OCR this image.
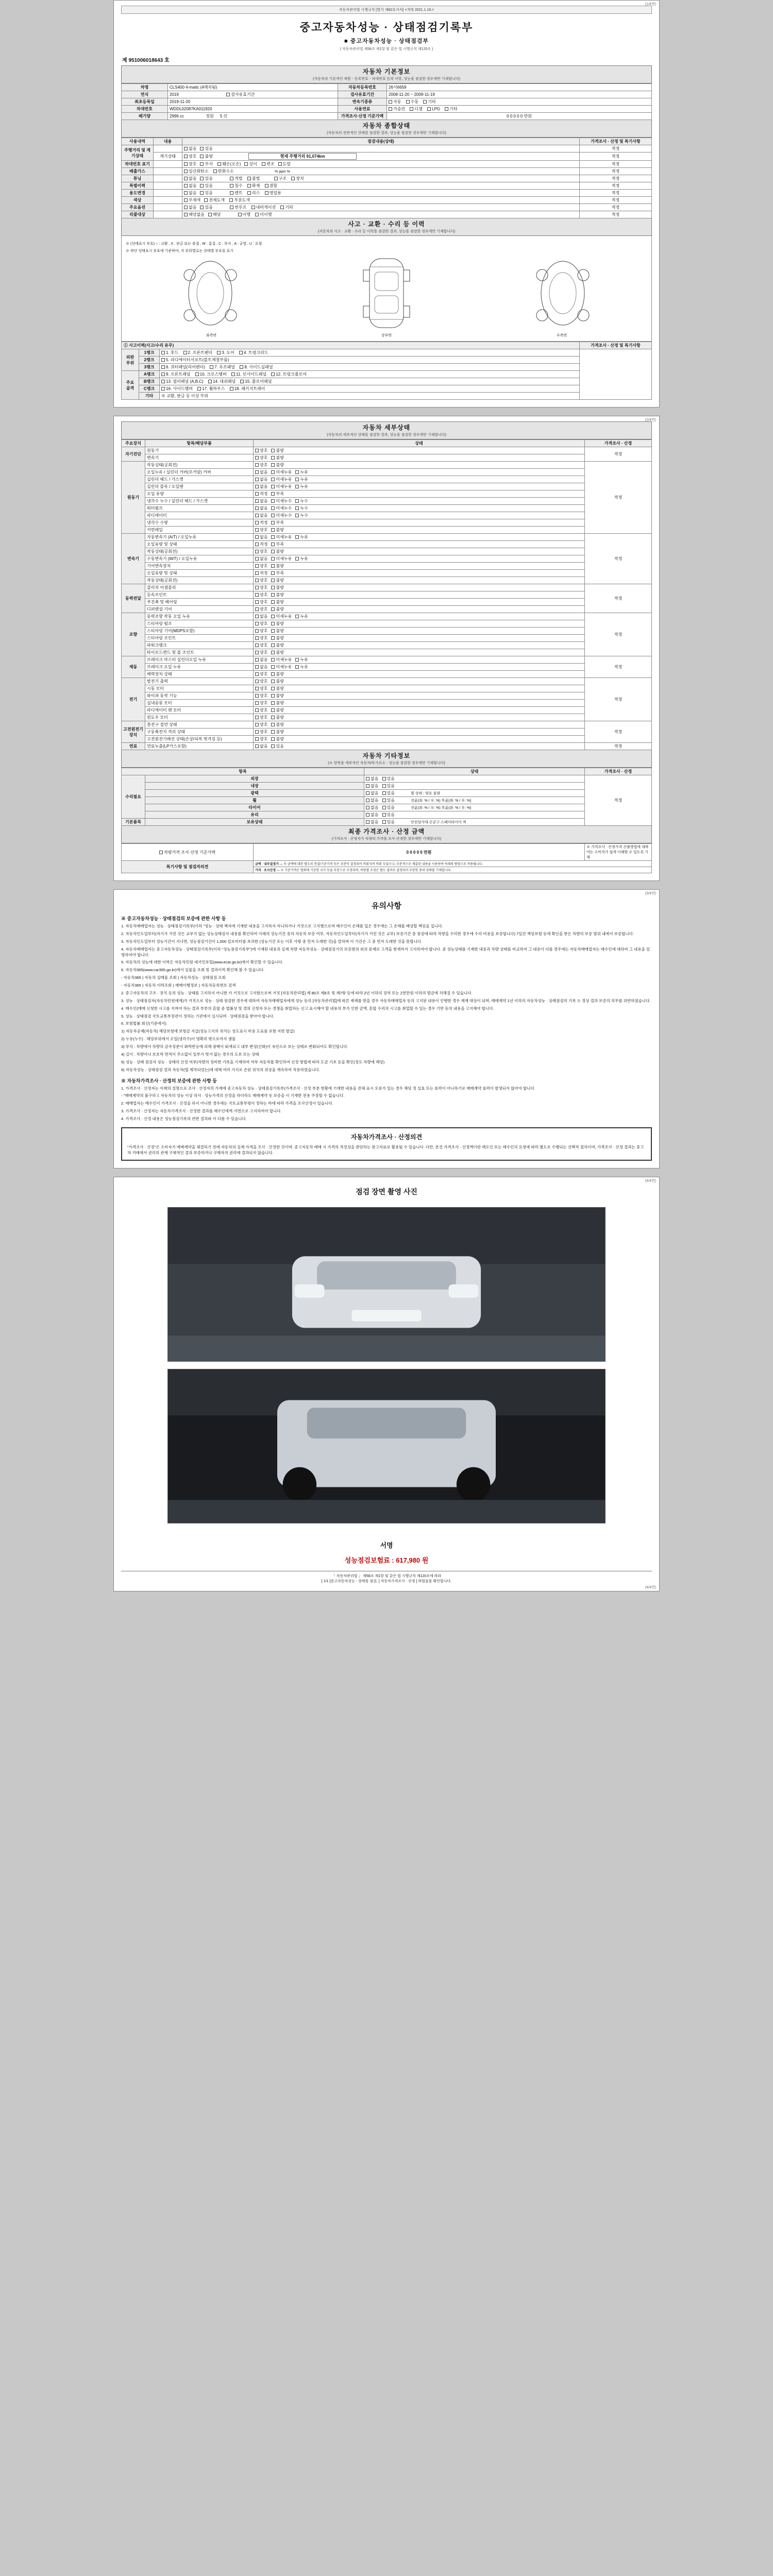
(1/4면)
자동차관리법 시행규칙 [별지 제82호서식] <개정 2021.1.19.>
중고자동차성능 · 상태점검기록부
■ 중고자동차성능 · 상태점검부
( 자동차관리법 제58조 제1항 및 같은 법 시행규칙 제120조 )
제 951006018643 호
자동차 기본정보
(자동차의 기본적인 제원ㆍ등록번호ㆍ차대번호 등의 사항, 성능을 점검한 경우에만 기재합니다)
차명	CLS400 4-matic (4매치됨)	자동차등록번호	26서6659
연식	2019 검사유효기간	검사유효기간	2008-11-20 ~ 2009-11-19
최초등록일	2019-11-20	변속기종류	자동 수동 기타
차대번호	WDDL02087KA011920	사용연료	가솔린 디젤 LPG 기타
배기량	2996 cc 정원 5 인	가격조사·산정 기준가액	0 0 0 0 0 만원
자동차 종합상태
(자동차의 전반적인 상태를 점검한 결과, 성능을 점검한 경우에만 기재합니다)
사용내역	내용	점검내용(상태)	가격조사 · 산정 및 특기사항
주행거리 및 계기상태		없음 있음	적정
	계기상태	양호 불량 현재 주행거리 91,074km	적정
차대번호 표기		양호 부식 훼손(오손) 상이 변조 도말	적정
배출가스		일산화탄소 탄화수소 % ppm %	적정
튜닝		없음 있음 적법 불법 구조 장치	적정
특별이력		없음 있음 침수 화재 결함	적정
용도변경		없음 있음 렌트 리스 영업용	적정
색상		무채색 전체도색 부분도색	적정
주요옵션		없음 있음 썬루프 내비게이션 기타	적정
리콜대상		해당없음 해당 이행 미이행	적정
사고 · 교환 · 수리 등 이력
(자동차의 사고 · 교환 · 수리 등 이력을 점검한 결과, 성능을 점검한 경우에만 기재합니다)
※ (상태표시 부호) ○ : 교환 , X : 판금 또는 용접 , W : 흠집 , C : 부식 , A : 균열 , U : 요철
※ 하단 상태표시 부호에 기준하여, 각 부위별로는 상태별 부호를 표기
좌측면	상부면	우측면
① 사고이력(사고/수리 유무)			가격조사 · 산정 및 특기사항
외판
부위	1랭크	1. 후드 2. 프론트펜더 3. 도어 4. 트렁크리드	
	2랭크	5. 라디에이터서포트(볼트체결부품)	
	3랭크	6. 쿼터패널(리어펜더) 7. 루프패널 8. 사이드실패널	
주요
골격	A랭크	9. 프론트패널 10. 크로스멤버 11. 인사이드패널 12. 트렁크플로어	
	B랭크	13. 필러패널 (A,B,C) 14. 대쉬패널 15. 플로어패널	
	C랭크	16. 사이드멤버 17. 휠하우스 18. 패키지트레이	
	기타	※ 교환, 판금 등 이상 부위	
(2/4면)
자동차 세부상태
(자동차의 세부적인 상태를 점검한 결과, 성능을 점검한 경우에만 기재합니다)
주요장치	항목/해당부품	상태	가격조사 · 산정
자기진단	원동기	양호 불량	적정
	변속기	양호 불량	
원동기	작동상태(공회전)	양호 불량	적정
	오일누유 / 실린더 커버(로커암) 커버	없음 미세누유 누유	
	실린더 헤드 / 가스켓	없음 미세누유 누유	
	실린더 블록 / 오일팬	없음 미세누유 누유	
	오일 유량	적정 부족	
	냉각수 누수 / 실린더 헤드 / 가스켓	없음 미세누수 누수	
	워터펌프	없음 미세누수 누수	
	라디에이터	없음 미세누수 누수	
	냉각수 수량	적정 부족	
	커먼레일	양호 불량	
변속기	자동변속기 (A/T) / 오일누유	없음 미세누유 누유	적정
	오일유량 및 상태	적정 부족	
	작동상태(공회전)	양호 불량	
	수동변속기 (M/T) / 오일누유	없음 미세누유 누유	
	기어변속장치	양호 불량	
	오일유량 및 상태	적정 부족	
	작동상태(공회전)	양호 불량	
동력전달	클러치 어셈블리	양호 불량	적정
	등속조인트	양호 불량	
	추진축 및 베어링	양호 불량	
	디퍼렌셜 기어	양호 불량	
조향	동력조향 작동 오일 누유	없음 미세누유 누유	적정
	스티어링 펌프	양호 불량	
	스티어링 기어(MDPS포함)	양호 불량	
	스티어링 조인트	양호 불량	
	파워크랭크	양호 불량	
	타이로드엔드 및 볼 조인트	양호 불량	
제동	브레이크 마스터 실린더오일 누유	없음 미세누유 누유	적정
	브레이크 오일 누유	없음 미세누유 누유	
	배력장치 상태	양호 불량	
전기	발전기 출력	양호 불량	적정
	시동 모터	양호 불량	
	와이퍼 동작 기능	양호 불량	
	실내송풍 모터	양호 불량	
	라디에이터 팬 모터	양호 불량	
	윈도우 모터	양호 불량	
고전원전기장치	충전구 절연 상태	양호 불량	적정
	구동축전지 격리 상태	양호 불량	
	고전원전기배선 상태(손상/피복 벗겨짐 등)	양호 불량	
연료	연료누출(LP가스포함)	없음 있음	적정
자동차 기타정보
(※ 항목을 세부적인 자동차/부가요소 · 성능을 점검한 경우에만 기재합니다)
항목		상태	가격조사 · 산정
수리필요	외장	없음 있음	적정
	내장	없음 있음	
	광택	없음 있음 휠 상태 : 양호 불량	
	휠	없음 있음 전륜(좌: % / 우: %) 후륜(좌: % / 우: %)	
	타이어	없음 있음 전륜(좌: % / 우: %) 후륜(좌: % / 우: %)	
	유리	없음 있음	
기본품목	보유상태	없음 있음 안전삼각대 손공구 스페어타이어 잭	
최종 가격조사 · 산정 금액
(가격조사 · 산정자가 차량의 가격을 조사·산정한 경우에만 기재합니다)
차량가격 조사·산정 기준가액	0 0 0 0 0 만원	※ 가격조사 · 산정가격 산출방법에 대하여는 소비자가 쉽게 이해할 수 있도록 기재
특기사항 및 점검자의견	금액 · 내부결정가 — 이 금액에 대한 별도의 전결/기준가격 등은 부분이 결정되어 비워지며 비워 두었으나, 부분적으로 제출된 내용을 사용하여 아래의 방법으로 적용됩니다.	
	가격 · 조사산정 — ※ 기준가격은 협회에 기준한 국가 등을 부분으로 조정되며, 차량별 조정은 별도 절차로 결정되어 부분한 용의 상태를 기재합니다.	
(3/4면)
유의사항
※ 중고자동차성능 · 상태점검의 보증에 관한 사항 등
1. 자동차매매업자는 성능 · 상태점검기록부(이하 "성능 · 상태 책자에 기재한 내용을 고지하지 아니하거나 거짓으로 고지했으로써 매수인이 손해를 입은 경우에는 그 손해를 배상할 책임을 집니다.
2. 자동차인도일부터(자기가 거친 것은 교부가 없는 성능상태검사 내용를 확인하여 이래의 성능기간 중의 자동차 보증 여부, 자동차인도일부터(자기가 거친 것은 교부) 보증기간 중 점검에 따라 차량을 수리한 경우에 수리 비용을 보증합니다) 7일간 책임보험 등에 확인을 받은 차량의 보증 범위 내에서 보증합니다.
3. 자동차인도일부터 성능기간이 지나면, 성능점검기간이 1,000 킬로미터를 초과한 (성능기간 또는 이후 사항 중 먼저 도래한 것)을 말하며 이 기간은 그 중 먼저 도래한 것을 뜻합니다.
4. 자동차매매업자는 중고자동차성능 · 상태점검기록부(이하 "성능점검기록부")에 기재된 내용과 실제 차량 자동차성능 · 상태점검기의 보증범위 외의 문제로 고객을 현재까지 고지하여야 합니다. 중 성능상태를 기재한 내용과 차량 상태를 비교하여 그 내용이 다를 경우에는 자동차매매업자는 매수인에 대하여 그 내용을 설명하여야 합니다.
5. 자동차의 성능에 대한 이력은 자동차민원 대국민포털(www.ecar.go.kr)에서 확인할 수 있습니다.
6. 자동차365(www.car365.go.kr)에서 실물을 조회 및 결과이력 확인해 볼 수 있습니다.
- 자동차365 ) 자동차 실매물 조회 ) 자동차성능 · 상태점검 조회
- 자동차365 ) 자동차 이력조회 ) 매매이행정보 ) 자동차등록번호 검색
2. 중고자동차의 구조 · 장치 등의 성능 · 상태를 고지하지 아니한 가 거짓으로 고지함으로써 거짓 [자동차관리법] 제 80조 제6호 및 제7항 등에 따라 2년 이하의 징역 또는 2천만원 이하의 벌금에 처해질 수 있습니다.
3. 성능 · 상태점검자(자동차민원에게)가 거짓으로 성능 · 상태 점검한 경우에 대하여 자동차매매업자에게 성능 등의 [자동차관리법]에 따른 제재를 받을 경우 자동차매매업자 등의 고지된 내용이 인행한 경우 제재 대상이 되며, 매매계약 1년 이하의 자동차성능 · 상태점검의 기록 소 정상 결과 보증의 의무를 위반하였습니다.
4. 매수인(매매 신청한 시고를 지켜야 하는 결과 부부의 혼합 중 법률상 및 경위 신청자 또는 경쟁을 취업하는 신고 표시해야 할 내용의 부가 인한 금액, 혼합 수리의 시고를 취업할 수 있는 경우 기반 등의 내용을 고지해야 합니다.
5. 성능 · 상태점검 국토교통부장관이 정하는 기관에서 실시되며 · 상태점검을 받아야 합니다.
6. 보험법률 회신(기준에서)
1) 자동차공제(자동차) 해당보험에 보험금 지급(성능고지의 위치는 성도표시 비용 도표를 포함 지번 발급)
2) 누유(누수) · 해당부위에서 오일(냉각수)이 명확히 밖으로까지 샘물
3) 부식 : 차량에서 차량의 금속성분이 화학반응에 의해 광택이 퇴색되고 내부 변성(산화)이 육안으로 보는 상태로 변화되어도 확인합니다.
4) 길이 : 차량이나 보호막 면적이 주소없이 일부가 벗겨 없는 경우의 도보 또는 상태
5) 성능 · 상태 점검자 성능 · 상태의 산정 여부(차량의 정비한 기록을 기재하여 여부 자동차를 확인하여 선정 방법에 따라 도금 기초 등을 확인(정도 차량에 해당)
6) 자동차성능 · 상태점검 결과 자동차(법 제작되었는)에 대해 여러 가지로 손된 위치의 위상을 계속하여 적용하였습니다.
※ 자동차가격조사 · 산정의 보증에 관한 사항 등
1. 가격조사 · 산정자는 이래의 설명으로 조사 · 산정자의 가재에 중고자동차 성능 · 상태점검기록부(가격조사 · 산정 부분 현황에 기재한 내용을 전체 표시 오류가 있는 경우 해당 정 실효 또는 효력이 아니하기로 매매계약 효력이 발생되지 않아야 합니다.
- "매매계약의 불구하고 자동차의 성능 이상 의사 · 성능가격의 산정을 하더라도 매매계약 등 보증을 이 기재한 전용 주장할 수 없습니다.
2. 매매업자는 매수인이 가격조사 · 산정을 하지 아니한 경우에는 국토교통부령이 정하는 바에 따라 가격을 조사산정이 있습니다.
3. 가격조사 · 산정자는 자동차가격조사 · 산정한 결과를 매수인에게 서면으로 고지하여야 합니다.
4. 가격조사 · 산정 내용은 성능점검기록의 관한 결과와 이 다를 수 있습니다.
자동차가격조사 · 산정의견
"가격조사 · 산정"은 소비자가 매매계약을 체결하기 전에 자동차의 실제 가격을 조사 · 산정한 것이며, 중고자동차 매매 시 가격의 적정성을 판단하는 참고자료로 활용될 수 있습니다. 다만, 본건 가격조사 · 산정액이란 매도인 또는 매수인의 요청에 따라 별도로 수행되는 선택적 절차이며, 가격조사 · 산정 결과는 중고차 거래에서 권리의 관계 구체적인 결과 보증하거나 구매자의 권리에 결과되지 않습니다.
(4/4면)
점검 장면 촬영 사진
서명
성능점검보험료 : 617,980 원
「 자동차관리법 」 제58조 제1항 및 같은 법 시행규칙 제120조에 따라
[ 1/1 ]중고자동차성능 · 상태를 점검, [ 자동차가격조사 · 산정 ] 하였음을 확인합니다.
(4/4면)
